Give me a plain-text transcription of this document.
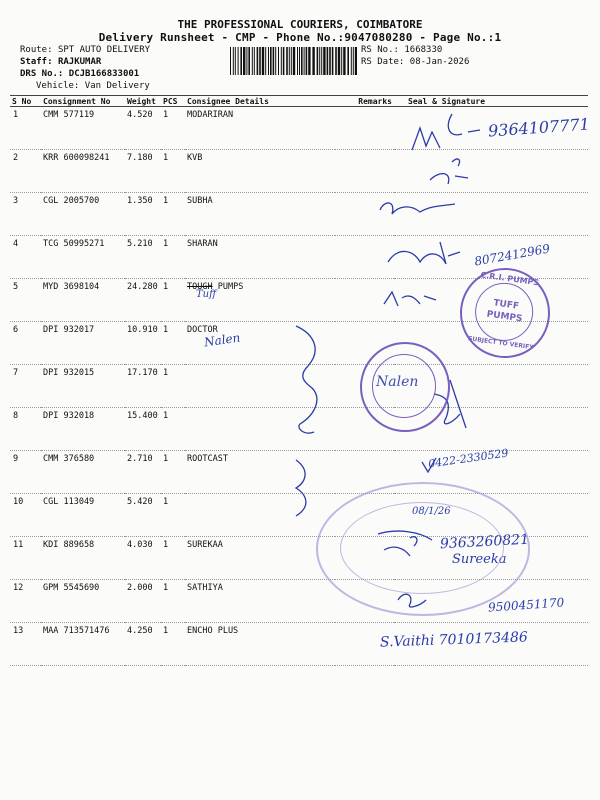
THE PROFESSIONAL COURIERS, COIMBATORE
Delivery Runsheet - CMP - Phone No.:9047080280 - Page No.:1
Route: SPT AUTO DELIVERY
Staff: RAJKUMAR
DRS No.: DCJB166833001
Vehicle: Van Delivery
RS No.: 1668330
RS Date: 08-Jan-2026
S No	Consignment No	Weight	PCS	Consignee Details	Remarks	Seal & Signature
1	CMM 577119	4.520	1	MODARIRAN		
2	KRR 600098241	7.180	1	KVB		
3	CGL 2005700	1.350	1	SUBHA		
4	TCG 50995271	5.210	1	SHARAN		
5	MYD 3698104	24.280	1	TOUGH PUMPS		
6	DPI 932017	10.910	1	DOCTOR		
7	DPI 932015	17.170	1			
8	DPI 932018	15.400	1			
9	CMM 376580	2.710	1	ROOTCAST		
10	CGL 113049	5.420	1			
11	KDI 889658	4.030	1	SUREKAA		
12	GPM 5545690	2.000	1	SATHIYA		
13	MAA 713571476	4.250	1	ENCHO PLUS		
9364107771
8072412969
Tuff
Nalen
0422-2330529
08/1/26
9363260821
Sureeka
9500451170
S.Vaithi 7010173486
C.R.I. PUMPS
TUFF
PUMPS
SUBJECT TO VERIFY
Nalen
